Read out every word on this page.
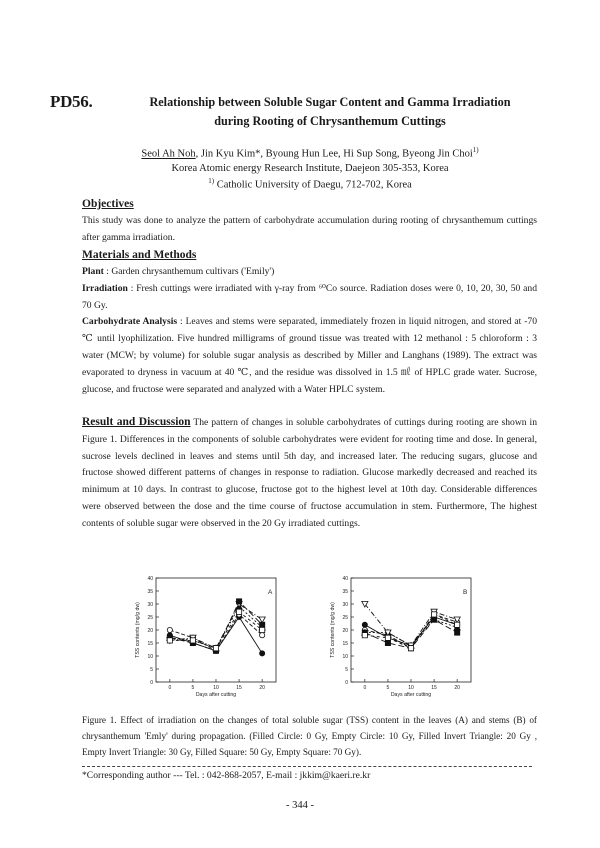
PD56.	Relationship between Soluble Sugar Content and Gamma Irradiation
during Rooting of Chrysanthemum Cuttings
Seol Ah Noh, Jin Kyu Kim*, Byoung Hun Lee, Hi Sup Song, Byeong Jin Choi$^{1)}$
Korea Atomic energy Research Institute, Daejeon 305-353, Korea
$^{1)}$ Catholic University of Daegu, 712-702, Korea
Objectives
This study was done to analyze the pattern of carbohydrate accumulation during rooting of chrysanthemum cuttings after gamma irradiation.
Materials and Methods
Plant : Garden chrysanthemum cultivars ('Emily')
Irradiation : Fresh cuttings were irradiated with γ-ray from ⁶⁰Co source. Radiation doses were 0, 10, 20, 30, 50 and 70 Gy.
Carbohydrate Analysis : Leaves and stems were separated, immediately frozen in liquid nitrogen, and stored at -70 ℃ until lyophilization. Five hundred milligrams of ground tissue was treated with 12 methanol : 5 chloroform : 3 water (MCW; by volume) for soluble sugar analysis as described by Miller and Langhans (1989). The extract was evaporated to dryness in vacuum at 40 ℃, and the residue was dissolved in 1.5 ㎖ of HPLC grade water. Sucrose, glucose, and fructose were separated and analyzed with a Water HPLC system.
Result and Discussion The pattern of changes in soluble carbohydrates of cuttings during rooting are shown in Figure 1. Differences in the components of soluble carbohydrates were evident for rooting time and dose. In general, sucrose levels declined in leaves and stems until 5th day, and increased later. The reducing sugars, glucose and fructose showed different patterns of changes in response to radiation. Glucose markedly decreased and reached its minimum at 10 days. In contrast to glucose, fructose got to the highest level at 10th day. Considerable differences were observed between the dose and the time course of fructose accumulation in stem. Furthermore, The highest contents of soluble sugar were observed in the 20 Gy irradiated cuttings.
0
5
10
15
20
25
30
35
40
0	5	10	15	20
Days after cutting
TSS contents (mg/g dw)
A
0
5
10
15
20
25
30
35
40
0	5	10	15	20
Days after cutting
TSS contents (mg/g dw)
B
Figure 1. Effect of irradiation on the changes of total soluble sugar (TSS) content in the leaves (A) and stems (B) of chrysanthemum 'Emly' during propagation. (Filled Circle: 0 Gy, Empty Circle: 10 Gy, Filled Invert Triangle: 20 Gy , Empty Invert Triangle: 30 Gy, Filled Square: 50 Gy, Empty Square: 70 Gy).
*Corresponding author --- Tel. : 042-868-2057, E-mail : jkkim@kaeri.re.kr
- 344 -
